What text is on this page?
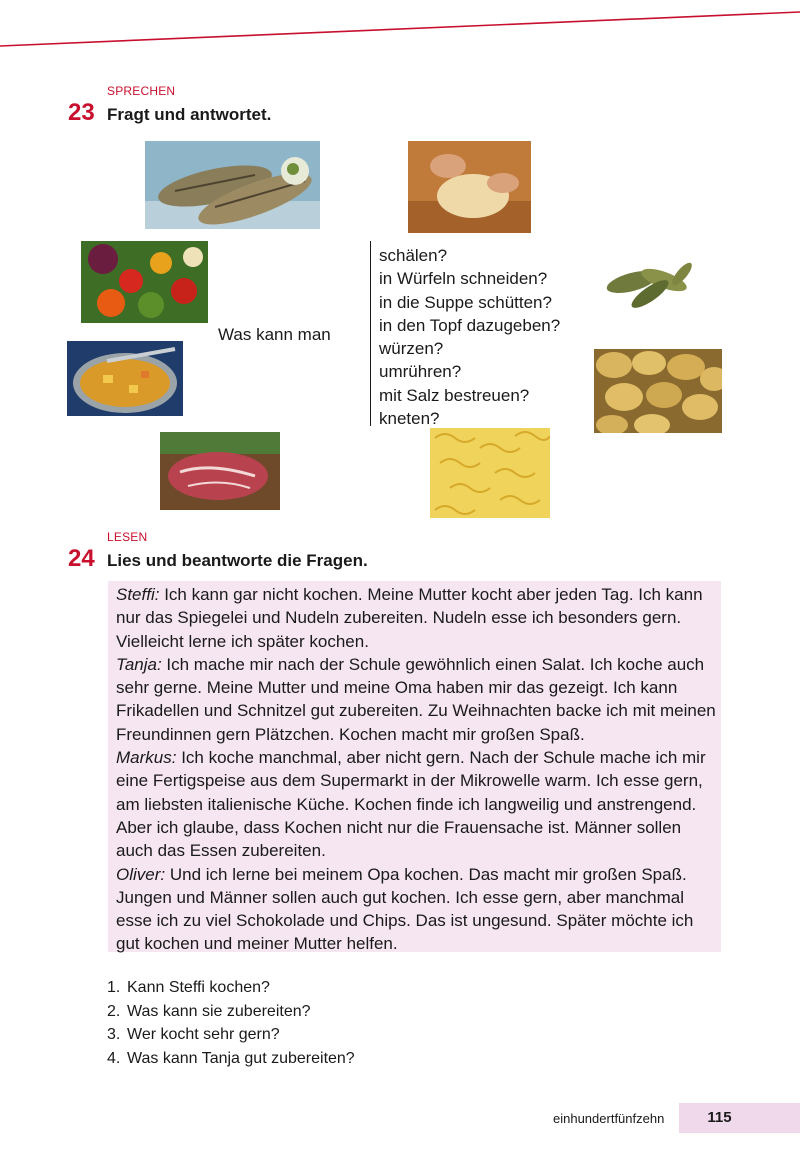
SPRECHEN
23 Fragt und antwortet.
Was kann man
schälen?
in Würfeln schneiden?
in die Suppe schütten?
in den Topf dazugeben?
würzen?
umrühren?
mit Salz bestreuen?
kneten?
LESEN
24 Lies und beantworte die Fragen.

Steffi: Ich kann gar nicht kochen. Meine Mutter kocht aber jeden Tag. Ich kann nur das Spiegelei und Nudeln zubereiten. Nudeln esse ich besonders gern. Vielleicht lerne ich später kochen.

Tanja: Ich mache mir nach der Schule gewöhnlich einen Salat. Ich koche auch sehr gerne. Meine Mutter und meine Oma haben mir das gezeigt. Ich kann Frikadellen und Schnitzel gut zubereiten. Zu Weihnachten backe ich mit meinen Freundinnen gern Plätzchen. Kochen macht mir großen Spaß.

Markus: Ich koche manchmal, aber nicht gern. Nach der Schule mache ich mir eine Fertigspeise aus dem Supermarkt in der Mikrowelle warm. Ich esse gern, am liebsten italienische Küche. Kochen finde ich langweilig und anstrengend. Aber ich glaube, dass Kochen nicht nur die Frauensache ist. Männer sollen auch das Essen zubereiten.

Oliver: Und ich lerne bei meinem Opa kochen. Das macht mir großen Spaß. Jungen und Männer sollen auch gut kochen. Ich esse gern, aber manchmal esse ich zu viel Schokolade und Chips. Das ist ungesund. Später möchte ich gut kochen und meiner Mutter helfen.

1. Kann Steffi kochen?
2. Was kann sie zubereiten?
3. Wer kocht sehr gern?
4. Was kann Tanja gut zubereiten?
einhundertfünfzehn	115
